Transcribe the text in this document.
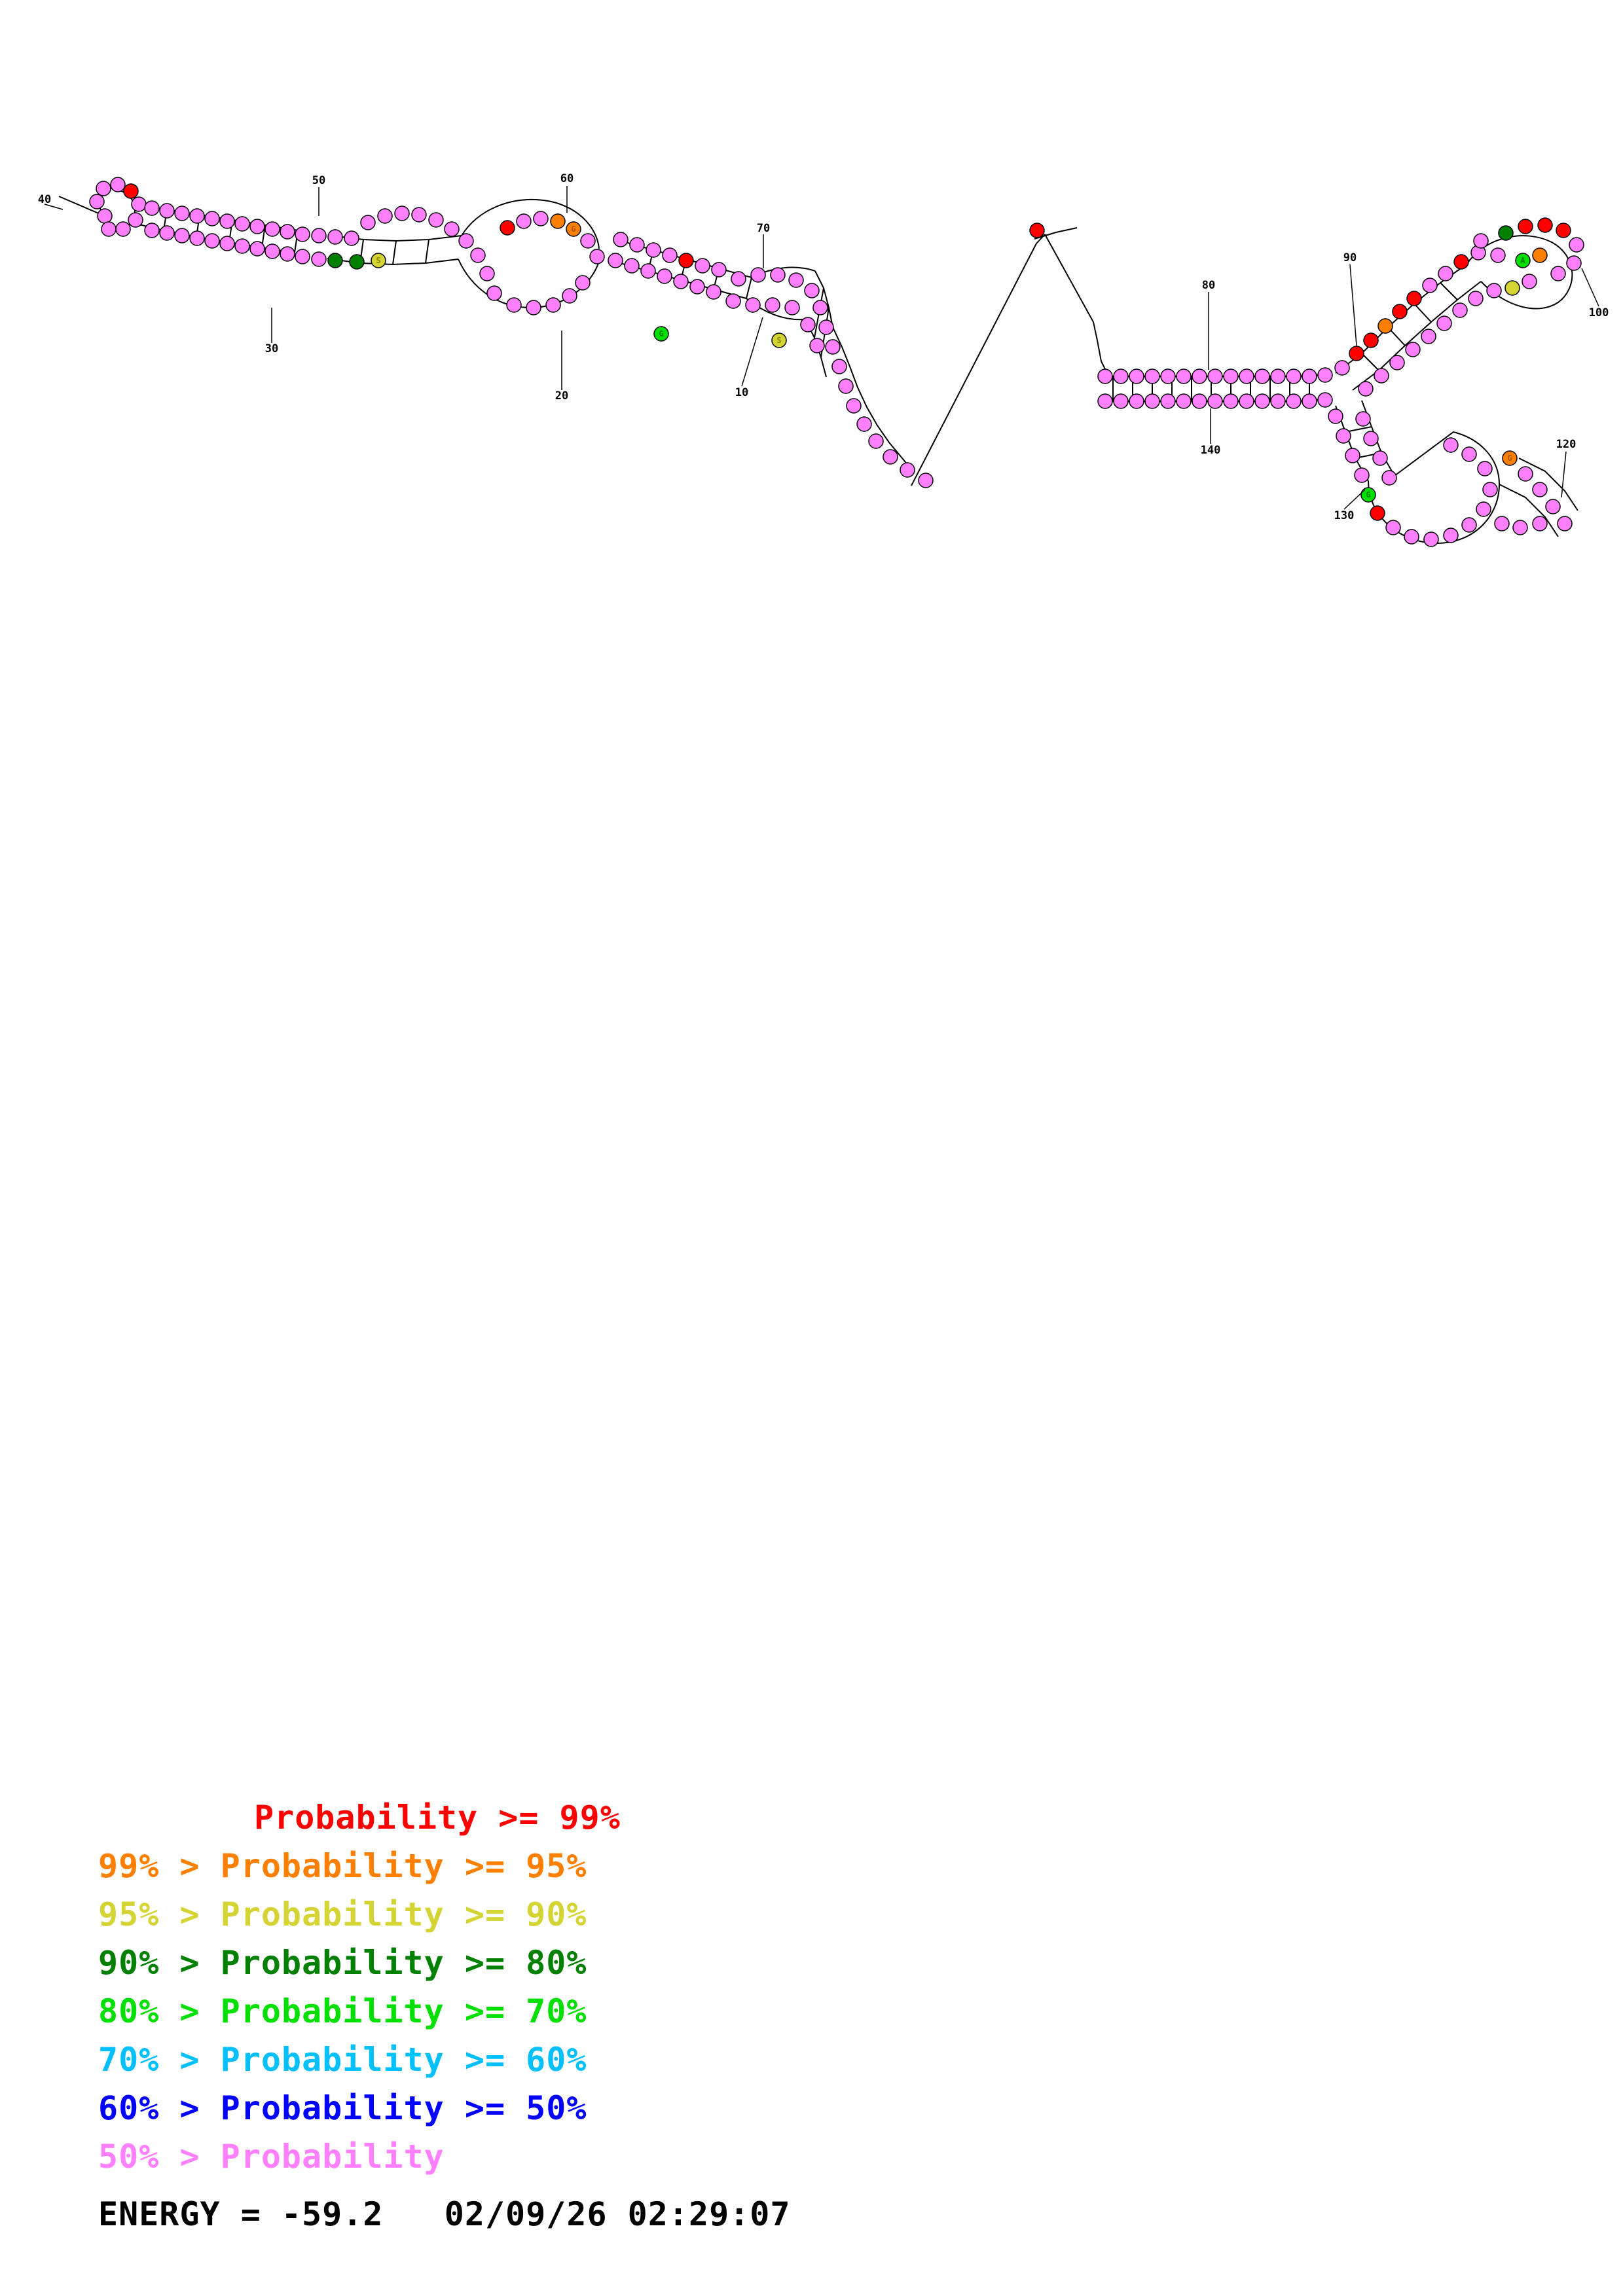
40
50
30
20
60
10
70
80
140
90
100
120
130
A
G G S
A	G
A
G
S
A
A
A
A
G
A
G
A
G
Probability >= 99%
99% > Probability >= 95%
95% > Probability >= 90%
90% > Probability >= 80%
80% > Probability >= 70%
70% > Probability >= 60%
60% > Probability >= 50%
50% > Probability
ENERGY = -59.2   02/09/26 02:29:07
